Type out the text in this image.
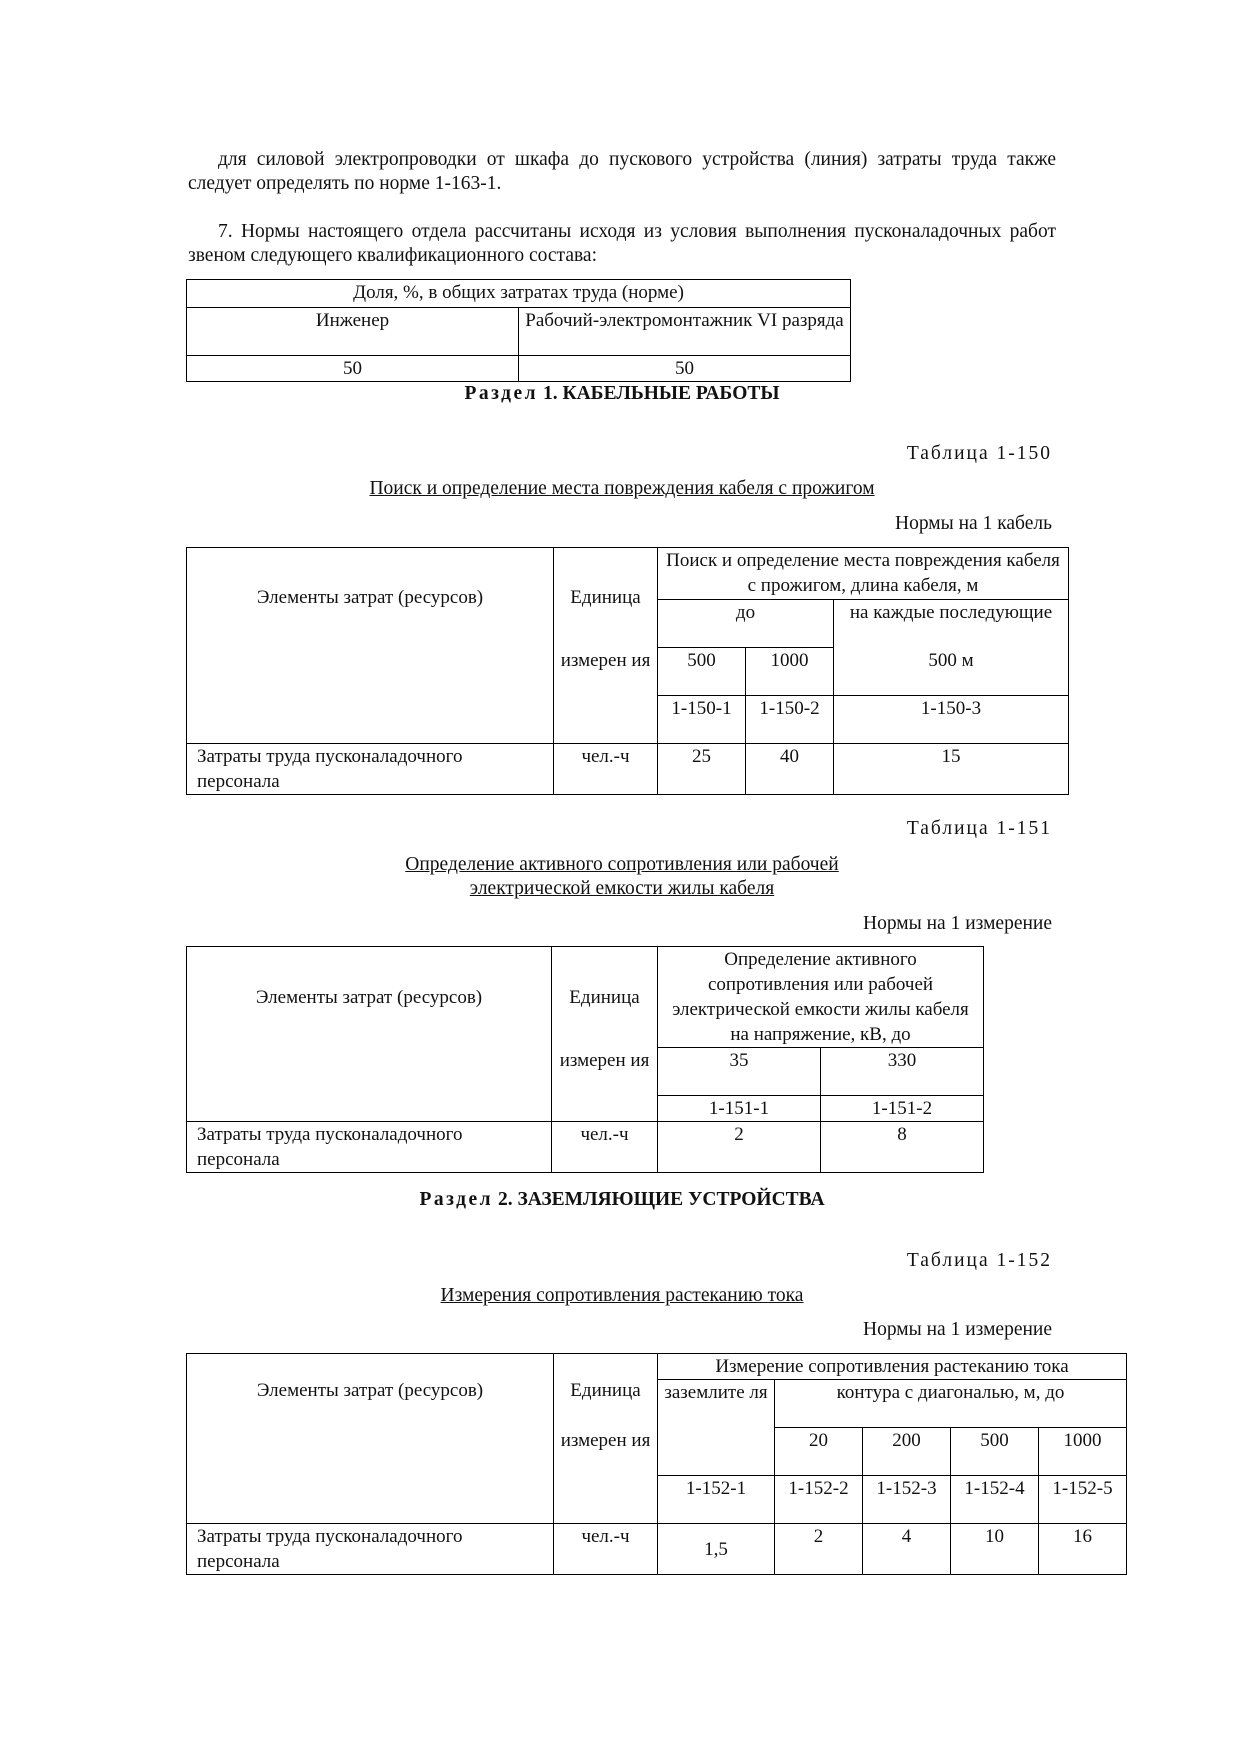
для силовой электропроводки от шкафа до пускового устройства (линия) затраты труда также следует определять по норме 1-163-1.

7. Нормы настоящего отдела рассчитаны исходя из условия выполнения пусконаладочных работ звеном следующего квалификационного состава:

Доля, %, в общих затратах труда (норме)	
Инженер	Рабочий-электромонтажник VI разряда
50	50
Раздел 1. КАБЕЛЬНЫЕ РАБОТЫ
Таблица 1-150
Поиск и определение места повреждения кабеля с прожигом
Нормы на 1 кабель
Элементы затрат (ресурсов)	Единица	Поиск и определение места повреждения кабеля с прожигом, длина кабеля, м		
		до		на каждые последующие
	измерен ия	500	1000	500 м
		1-150-1	1-150-2	1-150-3
Затраты труда пусконаладочного персонала	чел.-ч	25	40	15
Таблица 1-151
Определение активного сопротивления или рабочей
электрической емкости жилы кабеля
Нормы на 1 измерение
Элементы затрат (ресурсов)	Единица	Определение активного сопротивления или рабочей электрической емкости жилы кабеля на напряжение, кВ, до	
	измерен ия	35	330
		1-151-1	1-151-2
Затраты труда пусконаладочного персонала	чел.-ч	2	8
Раздел 2. ЗАЗЕМЛЯЮЩИЕ УСТРОЙСТВА
Таблица 1-152
Измерения сопротивления растеканию тока
Нормы на 1 измерение
Элементы затрат (ресурсов)	Единица	Измерение сопротивления растеканию тока				
		заземлите ля	контура с диагональю, м, до			
	измерен ия		20	200	500	1000
		1-152-1	1-152-2	1-152-3	1-152-4	1-152-5
Затраты труда пусконаладочного персонала	чел.-ч	1,5	2	4	10	16
